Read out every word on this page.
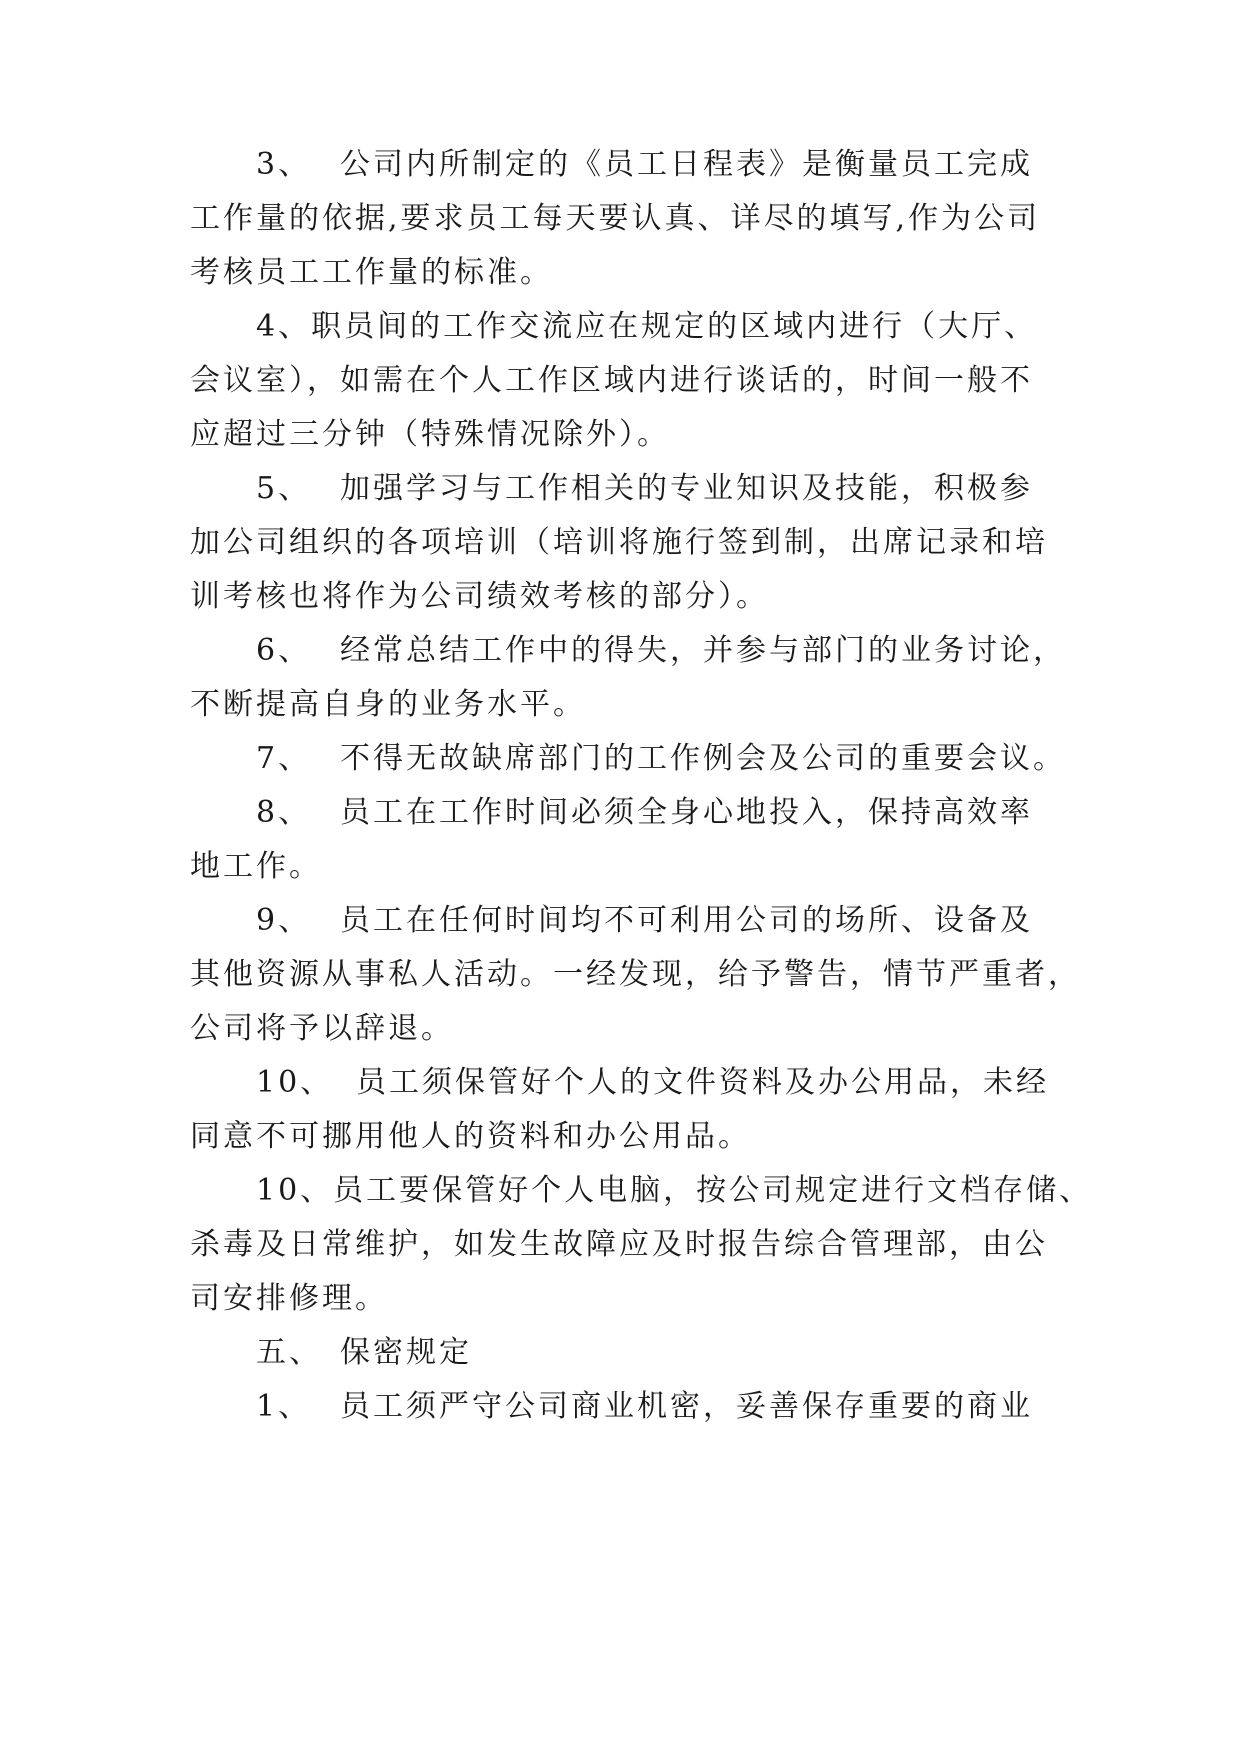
3、 公司内所制定的《员工日程表》是衡量员工完成
工作量的依据,要求员工每天要认真、详尽的填写,作为公司
考核员工工作量的标准。
4、职员间的工作交流应在规定的区域内进行（大厅、
会议室），如需在个人工作区域内进行谈话的，时间一般不
应超过三分钟（特殊情况除外）。
5、 加强学习与工作相关的专业知识及技能，积极参
加公司组织的各项培训（培训将施行签到制，出席记录和培
训考核也将作为公司绩效考核的部分）。
6、 经常总结工作中的得失，并参与部门的业务讨论，
不断提高自身的业务水平。
7、 不得无故缺席部门的工作例会及公司的重要会议。
8、 员工在工作时间必须全身心地投入，保持高效率
地工作。
9、 员工在任何时间均不可利用公司的场所、设备及
其他资源从事私人活动。一经发现，给予警告，情节严重者，
公司将予以辞退。
10、 员工须保管好个人的文件资料及办公用品，未经
同意不可挪用他人的资料和办公用品。
10、员工要保管好个人电脑，按公司规定进行文档存储、
杀毒及日常维护，如发生故障应及时报告综合管理部，由公
司安排修理。
五、 保密规定
1、 员工须严守公司商业机密，妥善保存重要的商业
